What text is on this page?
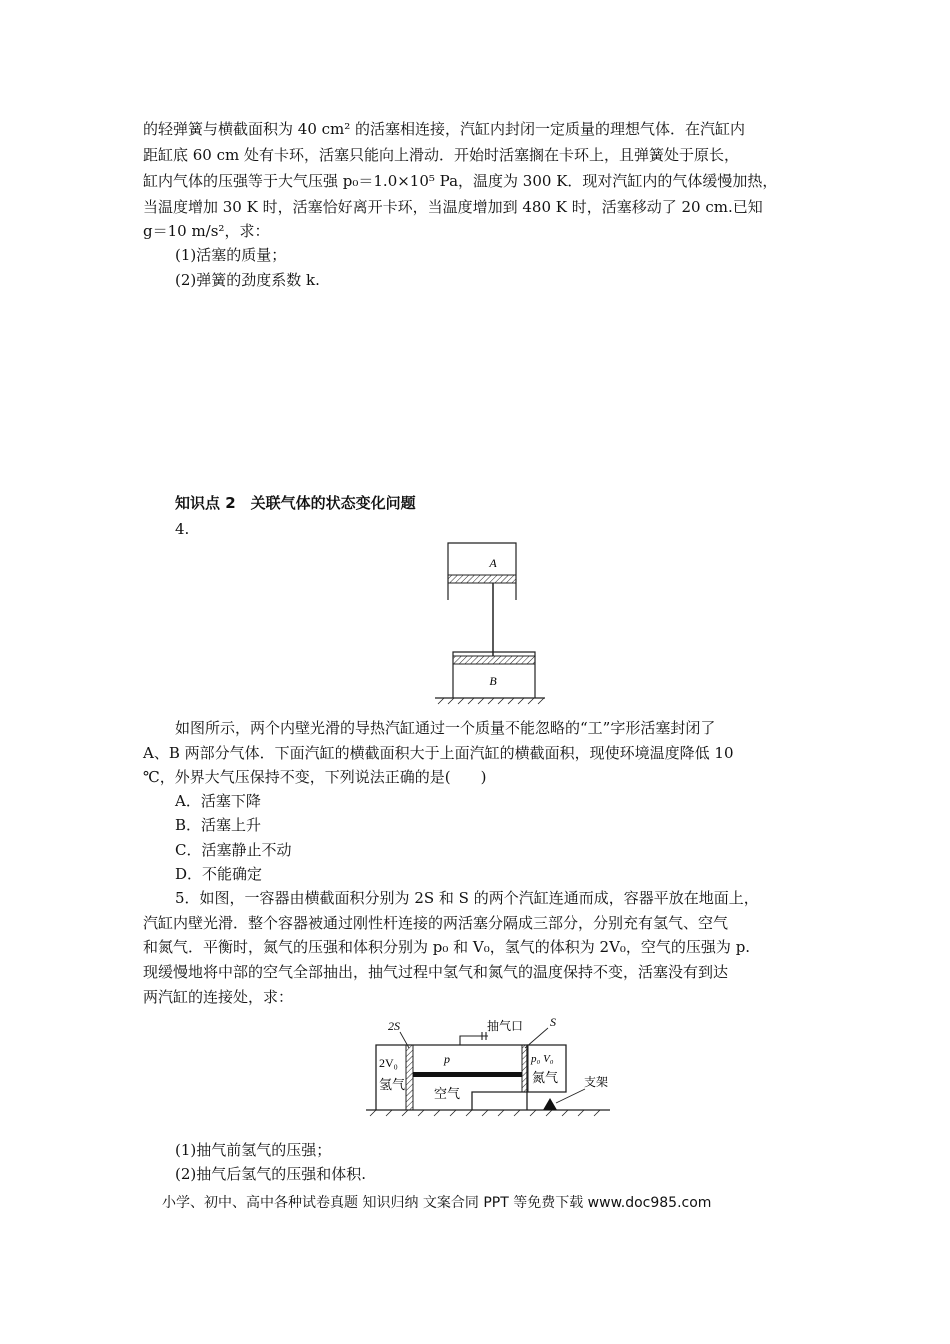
的轻弹簧与横截面积为 40 cm² 的活塞相连接，汽缸内封闭一定质量的理想气体．在汽缸内
距缸底 60 cm 处有卡环，活塞只能向上滑动．开始时活塞搁在卡环上，且弹簧处于原长，
缸内气体的压强等于大气压强 p₀＝1.0×10⁵ Pa，温度为 300 K．现对汽缸内的气体缓慢加热，
当温度增加 30 K 时，活塞恰好离开卡环，当温度增加到 480 K 时，活塞移动了 20 cm.已知
g＝10 m/s²，求：
(1)活塞的质量；
(2)弹簧的劲度系数 k.
知识点 2　关联气体的状态变化问题
4.
A
B
如图所示，两个内壁光滑的导热汽缸通过一个质量不能忽略的“工”字形活塞封闭了
A、B 两部分气体．下面汽缸的横截面积大于上面汽缸的横截面积，现使环境温度降低 10
℃，外界大气压保持不变，下列说法正确的是(　　)
A．活塞下降
B．活塞上升
C．活塞静止不动
D．不能确定
5．如图，一容器由横截面积分别为 2S 和 S 的两个汽缸连通而成，容器平放在地面上，
汽缸内壁光滑．整个容器被通过刚性杆连接的两活塞分隔成三部分，分别充有氢气、空气
和氮气．平衡时，氮气的压强和体积分别为 p₀ 和 V₀，氢气的体积为 2V₀，空气的压强为 p.
现缓慢地将中部的空气全部抽出，抽气过程中氢气和氮气的温度保持不变，活塞没有到达
两汽缸的连接处，求：
2S	S
抽气口
p
2V₀
氢气
空气
p₀ V₀
氮气 支架
(1)抽气前氢气的压强；
(2)抽气后氢气的压强和体积.
小学、初中、高中各种试卷真题 知识归纳 文案合同 PPT 等免费下载 www.doc985.com
